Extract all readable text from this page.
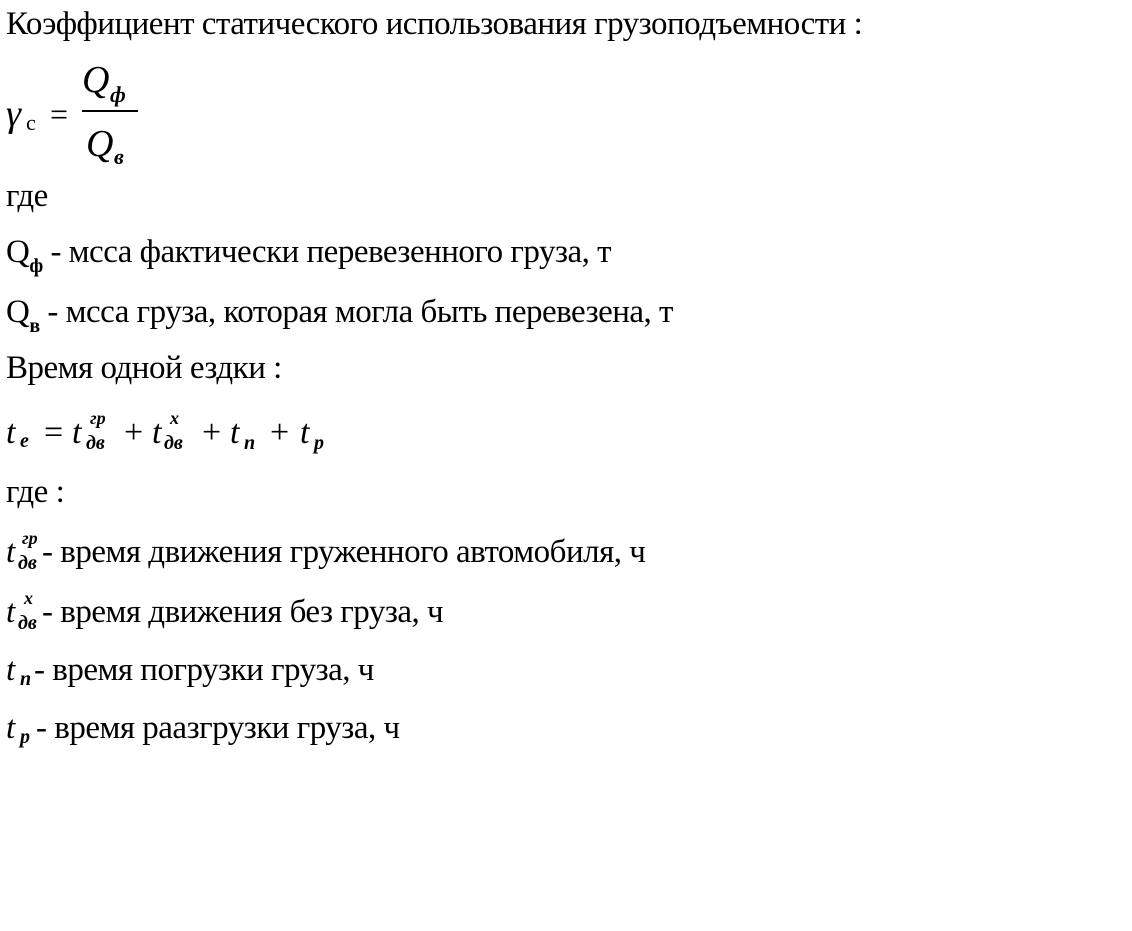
Коэффициент статического использования грузоподъемности :
γ с =
Q ф
Q в
где
$Q_ф$ - мсса фактически перевезенного груза, т
$Q_в$ - мсса груза, которая могла быть перевезена, т
Время одной ездки :
t е = t гр
дв + t х
дв + t п + t р
где :
t гр
дв - время движения груженного автомобиля, ч
t х
дв - время движения без груза, ч
t п - время погрузки груза, ч
t р - время раазгрузки груза, ч
